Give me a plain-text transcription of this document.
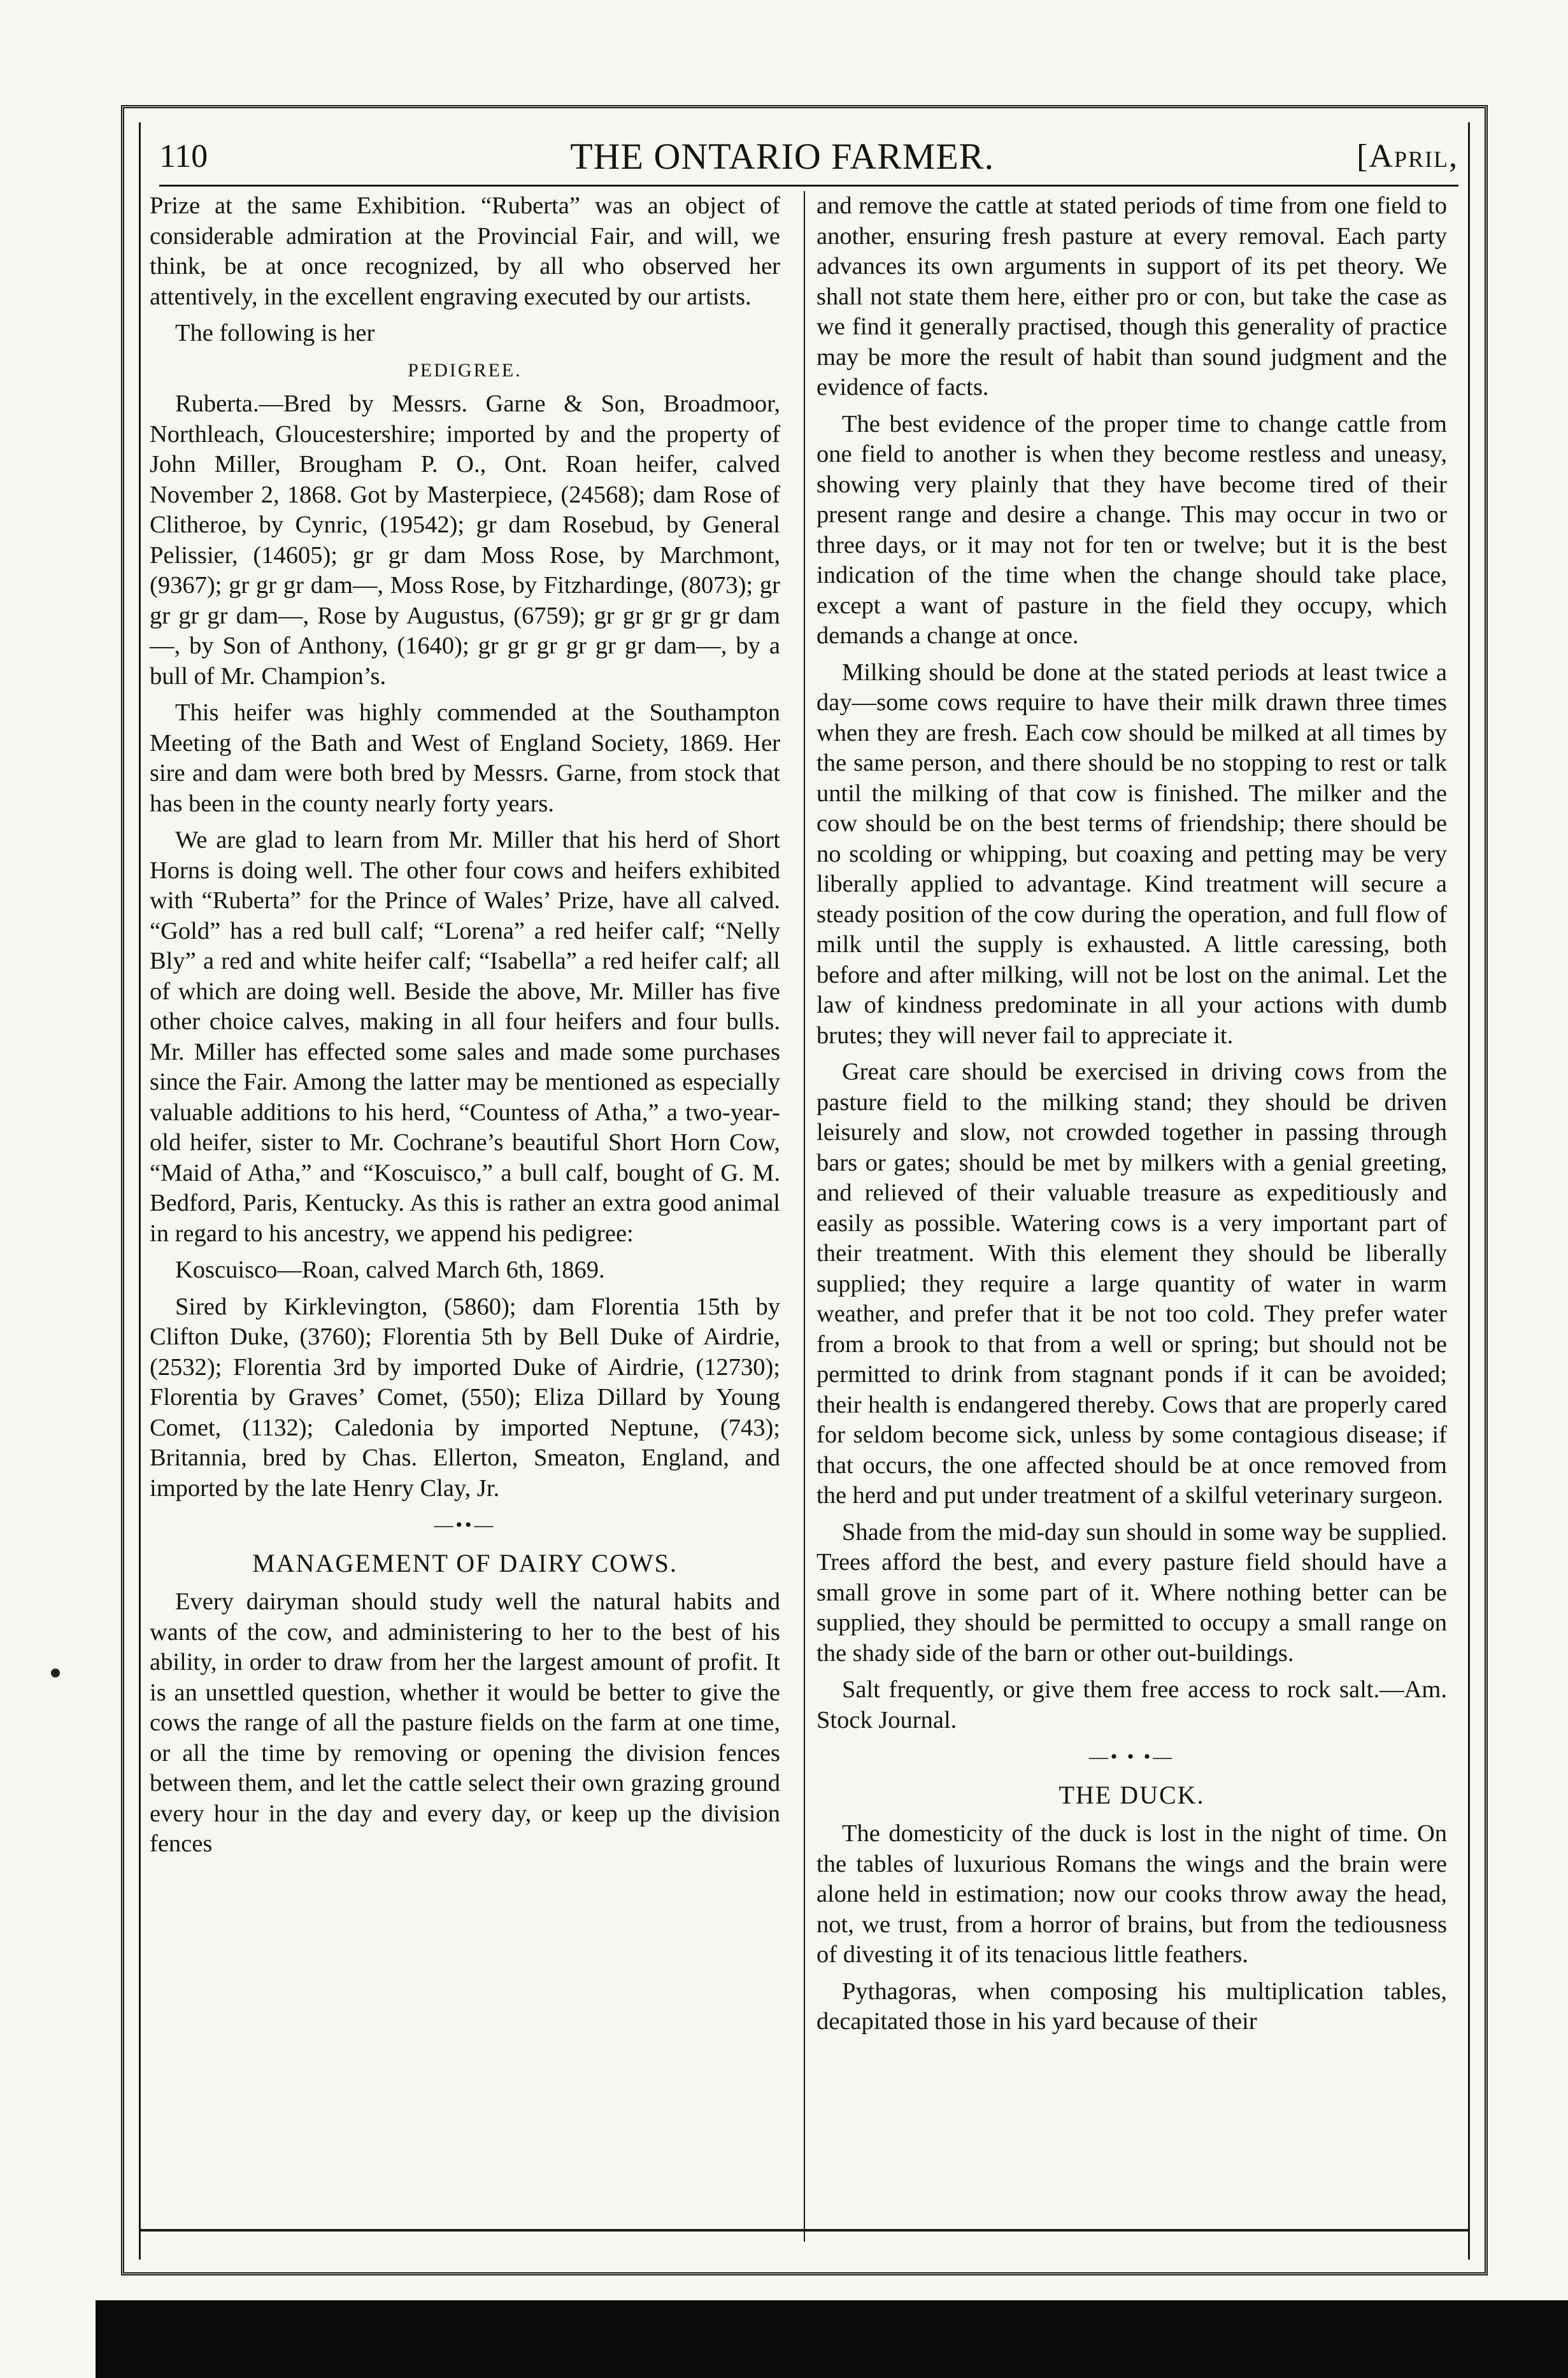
110	THE ONTARIO FARMER.	[April,

Prize at the same Exhibition. “Ruberta” was an object of considerable admiration at the Provincial Fair, and will, we think, be at once recognized, by all who observed her attentively, in the excellent engraving executed by our artists.

The following is her

PEDIGREE.

Ruberta.—Bred by Messrs. Garne & Son, Broadmoor, Northleach, Gloucestershire; imported by and the property of John Miller, Brougham P. O., Ont. Roan heifer, calved November 2, 1868. Got by Masterpiece, (24568); dam Rose of Clitheroe, by Cynric, (19542); gr dam Rosebud, by General Pelissier, (14605); gr gr dam Moss Rose, by Marchmont, (9367); gr gr gr dam—, Moss Rose, by Fitzhardinge, (8073); gr gr gr gr dam—, Rose by Augustus, (6759); gr gr gr gr gr dam—, by Son of Anthony, (1640); gr gr gr gr gr gr dam—, by a bull of Mr. Champion’s.

This heifer was highly commended at the Southampton Meeting of the Bath and West of England Society, 1869. Her sire and dam were both bred by Messrs. Garne, from stock that has been in the county nearly forty years.

We are glad to learn from Mr. Miller that his herd of Short Horns is doing well. The other four cows and heifers exhibited with “Ruberta” for the Prince of Wales’ Prize, have all calved. “Gold” has a red bull calf; “Lorena” a red heifer calf; “Nelly Bly” a red and white heifer calf; “Isabella” a red heifer calf; all of which are doing well. Beside the above, Mr. Miller has five other choice calves, making in all four heifers and four bulls. Mr. Miller has effected some sales and made some purchases since the Fair. Among the latter may be mentioned as especially valuable additions to his herd, “Countess of Atha,” a two-year-old heifer, sister to Mr. Cochrane’s beautiful Short Horn Cow, “Maid of Atha,” and “Koscuisco,” a bull calf, bought of G. M. Bedford, Paris, Kentucky. As this is rather an extra good animal in regard to his ancestry, we append his pedigree:

Koscuisco—Roan, calved March 6th, 1869.

Sired by Kirklevington, (5860); dam Florentia 15th by Clifton Duke, (3760); Florentia 5th by Bell Duke of Airdrie, (2532); Florentia 3rd by imported Duke of Airdrie, (12730); Florentia by Graves’ Comet, (550); Eliza Dillard by Young Comet, (1132); Caledonia by imported Neptune, (743); Britannia, bred by Chas. Ellerton, Smeaton, England, and imported by the late Henry Clay, Jr.

—••—
MANAGEMENT OF DAIRY COWS.

Every dairyman should study well the natural habits and wants of the cow, and administering to her to the best of his ability, in order to draw from her the largest amount of profit. It is an unsettled question, whether it would be better to give the cows the range of all the pasture fields on the farm at one time, or all the time by removing or opening the division fences between them, and let the cattle select their own grazing ground every hour in the day and every day, or keep up the division fences

and remove the cattle at stated periods of time from one field to another, ensuring fresh pasture at every removal. Each party advances its own arguments in support of its pet theory. We shall not state them here, either pro or con, but take the case as we find it generally practised, though this generality of practice may be more the result of habit than sound judgment and the evidence of facts.

The best evidence of the proper time to change cattle from one field to another is when they become restless and uneasy, showing very plainly that they have become tired of their present range and desire a change. This may occur in two or three days, or it may not for ten or twelve; but it is the best indication of the time when the change should take place, except a want of pasture in the field they occupy, which demands a change at once.

Milking should be done at the stated periods at least twice a day—some cows require to have their milk drawn three times when they are fresh. Each cow should be milked at all times by the same person, and there should be no stopping to rest or talk until the milking of that cow is finished. The milker and the cow should be on the best terms of friendship; there should be no scolding or whipping, but coaxing and petting may be very liberally applied to advantage. Kind treatment will secure a steady position of the cow during the operation, and full flow of milk until the supply is exhausted. A little caressing, both before and after milking, will not be lost on the animal. Let the law of kindness predominate in all your actions with dumb brutes; they will never fail to appreciate it.

Great care should be exercised in driving cows from the pasture field to the milking stand; they should be driven leisurely and slow, not crowded together in passing through bars or gates; should be met by milkers with a genial greeting, and relieved of their valuable treasure as expeditiously and easily as possible. Watering cows is a very important part of their treatment. With this element they should be liberally supplied; they require a large quantity of water in warm weather, and prefer that it be not too cold. They prefer water from a brook to that from a well or spring; but should not be permitted to drink from stagnant ponds if it can be avoided; their health is endangered thereby. Cows that are properly cared for seldom become sick, unless by some contagious disease; if that occurs, the one affected should be at once removed from the herd and put under treatment of a skilful veterinary surgeon.

Shade from the mid-day sun should in some way be supplied. Trees afford the best, and every pasture field should have a small grove in some part of it. Where nothing better can be supplied, they should be permitted to occupy a small range on the shady side of the barn or other out-buildings.

Salt frequently, or give them free access to rock salt.—Am. Stock Journal.

—• • •—
THE DUCK.

The domesticity of the duck is lost in the night of time. On the tables of luxurious Romans the wings and the brain were alone held in estimation; now our cooks throw away the head, not, we trust, from a horror of brains, but from the tediousness of divesting it of its tenacious little feathers.

Pythagoras, when composing his multiplication tables, decapitated those in his yard because of their
